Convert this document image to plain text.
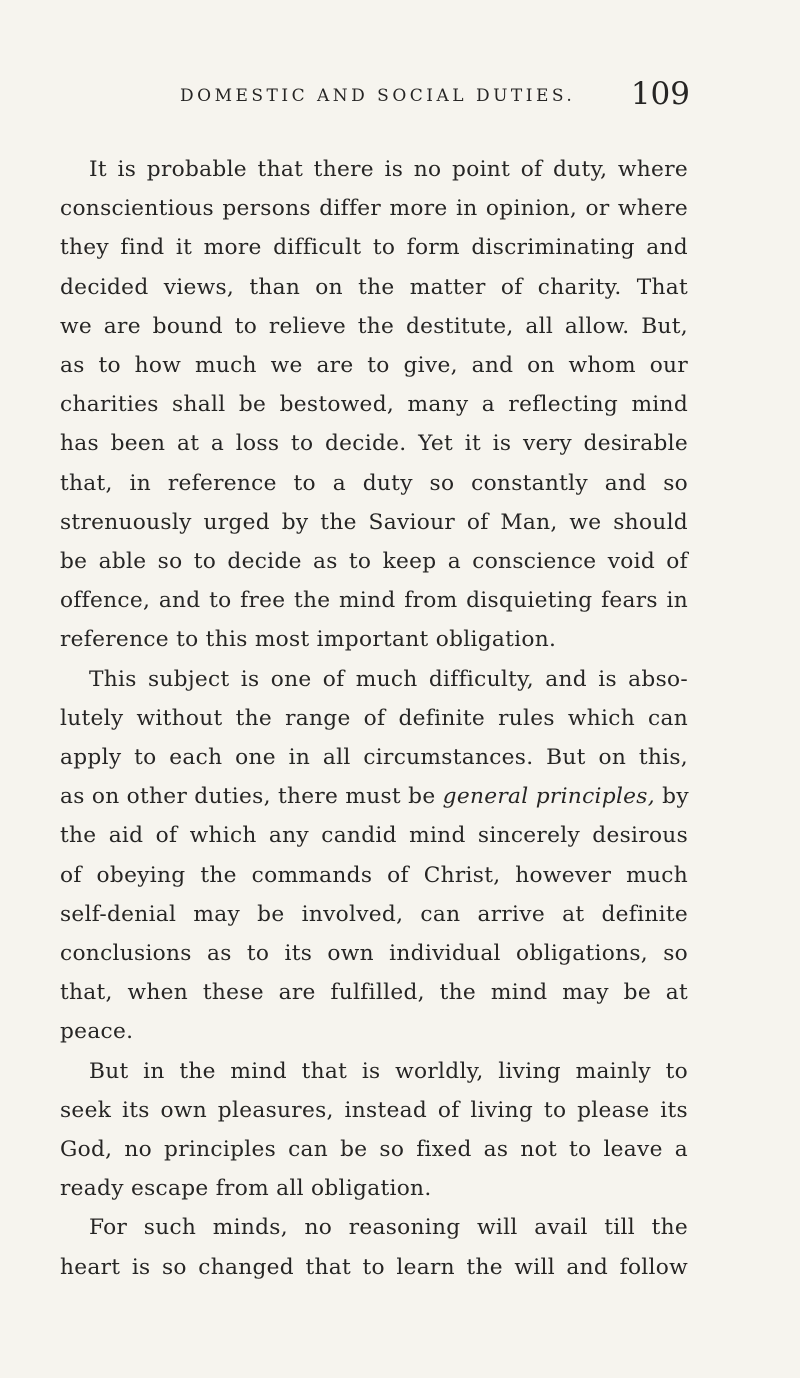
DOMESTIC AND SOCIAL DUTIES. 109
It is probable that there is no point of duty, where
conscientious persons differ more in opinion, or where
they find it more difficult to form discriminating and
decided views, than on the matter of charity. That
we are bound to relieve the destitute, all allow. But,
as to how much we are to give, and on whom our
charities shall be bestowed, many a reflecting mind
has been at a loss to decide. Yet it is very desirable
that, in reference to a duty so constantly and so
strenuously urged by the Saviour of Man, we should
be able so to decide as to keep a conscience void of
offence, and to free the mind from disquieting fears in
reference to this most important obligation.
This subject is one of much difficulty, and is abso-
lutely without the range of definite rules which can
apply to each one in all circumstances. But on this,
as on other duties, there must be general principles, by
the aid of which any candid mind sincerely desirous
of obeying the commands of Christ, however much
self-denial may be involved, can arrive at definite
conclusions as to its own individual obligations, so
that, when these are fulfilled, the mind may be at
peace.
But in the mind that is worldly, living mainly to
seek its own pleasures, instead of living to please its
God, no principles can be so fixed as not to leave a
ready escape from all obligation.
For such minds, no reasoning will avail till the
heart is so changed that to learn the will and follow
